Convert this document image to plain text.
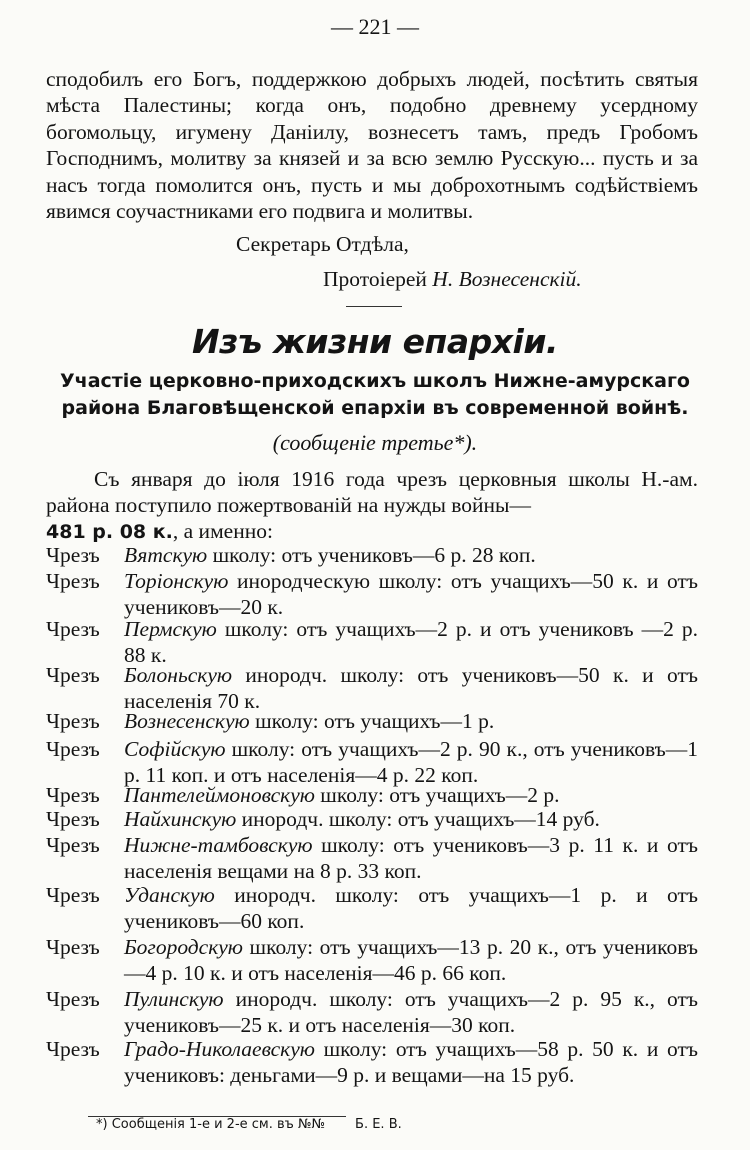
— 221 —
сподобилъ его Богъ, поддержкою добрыхъ людей, посѣтить святыя мѣста Палестины; когда онъ, подобно древнему усердному богомольцу, игумену Даніилу, вознесетъ тамъ, предъ Гробомъ Господнимъ, молитву за князей и за всю землю Русскую... пусть и за насъ тогда помолится онъ, пусть и мы доброхотнымъ содѣйствіемъ явимся соучастниками его подвига и молитвы.
Секретарь Отдѣла,
Протоіерей Н. Вознесенскій.
Изъ жизни епархіи.
Участіе церковно-приходскихъ школъ Нижне-амурскаго района Благовѣщенской епархіи въ современной войнѣ.
(сообщенiе третье*).
Съ января до іюля 1916 года чрезъ церковныя школы Н.-ам. района поступило пожертвованій на нужды войны—
481 р. 08 к., а именно:
Чрезъ	Вятскую школу: отъ учениковъ—6 р. 28 коп.
Чрезъ	Торіонскую инородческую школу: отъ учащихъ—50 к. и отъ учениковъ—20 к.
Чрезъ	Пермскую школу: отъ учащихъ—2 р. и отъ учениковъ —2 р. 88 к.
Чрезъ	Болоньскую инородч. школу: отъ учениковъ—50 к. и отъ населенія 70 к.
Чрезъ	Вознесенскую школу: отъ учащихъ—1 р.
Чрезъ	Софійскую школу: отъ учащихъ—2 р. 90 к., отъ учениковъ—1 р. 11 коп. и отъ населенія—4 р. 22 коп.
Чрезъ	Пантелеймоновскую школу: отъ учащихъ—2 р.
Чрезъ	Найхинскую инородч. школу: отъ учащихъ—14 руб.
Чрезъ	Нижне-тамбовскую школу: отъ учениковъ—3 р. 11 к. и отъ населенія вещами на 8 р. 33 коп.
Чрезъ	Уданскую инородч. школу: отъ учащихъ—1 р. и отъ учениковъ—60 коп.
Чрезъ	Богородскую школу: отъ учащихъ—13 р. 20 к., отъ учениковъ—4 р. 10 к. и отъ населенія—46 р. 66 коп.
Чрезъ	Пулинскую инородч. школу: отъ учащихъ—2 р. 95 к., отъ учениковъ—25 к. и отъ населенія—30 коп.
Чрезъ	Градо-Николаевскую школу: отъ учащихъ—58 р. 50 к. и отъ учениковъ: деньгами—9 р. и вещами—на 15 руб.
*) Сообщенія 1-е и 2-е см. въ №№ Б. Е. В.
